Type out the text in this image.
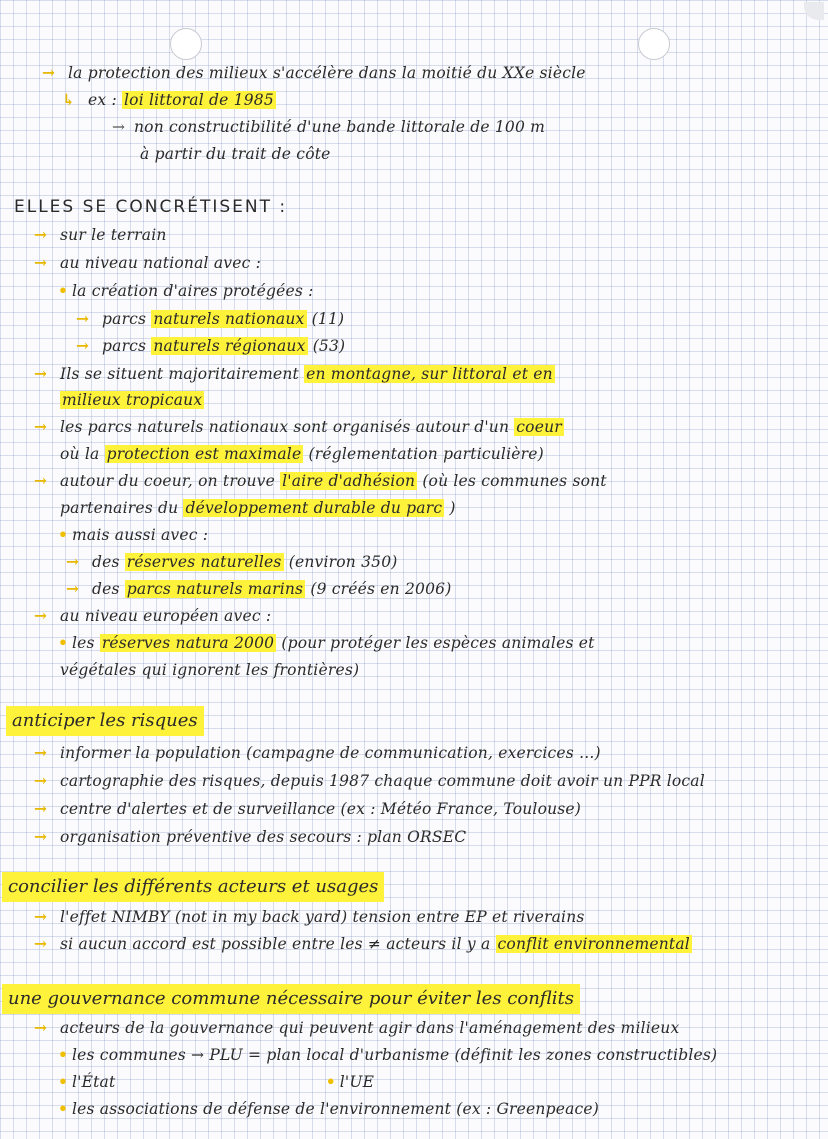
→ la protection des milieux s'accélère dans la moitié du XXe siècle
↳ ex : loi littoral de 1985
→ non constructibilité d'une bande littorale de 100 m
à partir du trait de côte
ELLES SE CONCRÉTISENT :
→ sur le terrain
→ au niveau national avec :
• la création d'aires protégées :
→ parcs naturels nationaux (11)
→ parcs naturels régionaux (53)
→ Ils se situent majoritairement en montagne, sur littoral et en
milieux tropicaux
→ les parcs naturels nationaux sont organisés autour d'un coeur
où la protection est maximale (réglementation particulière)
→ autour du coeur, on trouve l'aire d'adhésion (où les communes sont
partenaires du développement durable du parc )
• mais aussi avec :
→ des réserves naturelles (environ 350)
→ des parcs naturels marins (9 créés en 2006)
→ au niveau européen avec :
• les réserves natura 2000 (pour protéger les espèces animales et
végétales qui ignorent les frontières)
anticiper les risques
→ informer la population (campagne de communication, exercices ...)
→ cartographie des risques, depuis 1987 chaque commune doit avoir un PPR local
→ centre d'alertes et de surveillance (ex : Météo France, Toulouse)
→ organisation préventive des secours : plan ORSEC
concilier les différents acteurs et usages
→ l'effet NIMBY (not in my back yard) tension entre EP et riverains
→ si aucun accord est possible entre les ≠ acteurs il y a conflit environnemental
une gouvernance commune nécessaire pour éviter les conflits
→ acteurs de la gouvernance qui peuvent agir dans l'aménagement des milieux
• les communes → PLU = plan local d'urbanisme (définit les zones constructibles)
• l'État	• l'UE
• les associations de défense de l'environnement (ex : Greenpeace)
